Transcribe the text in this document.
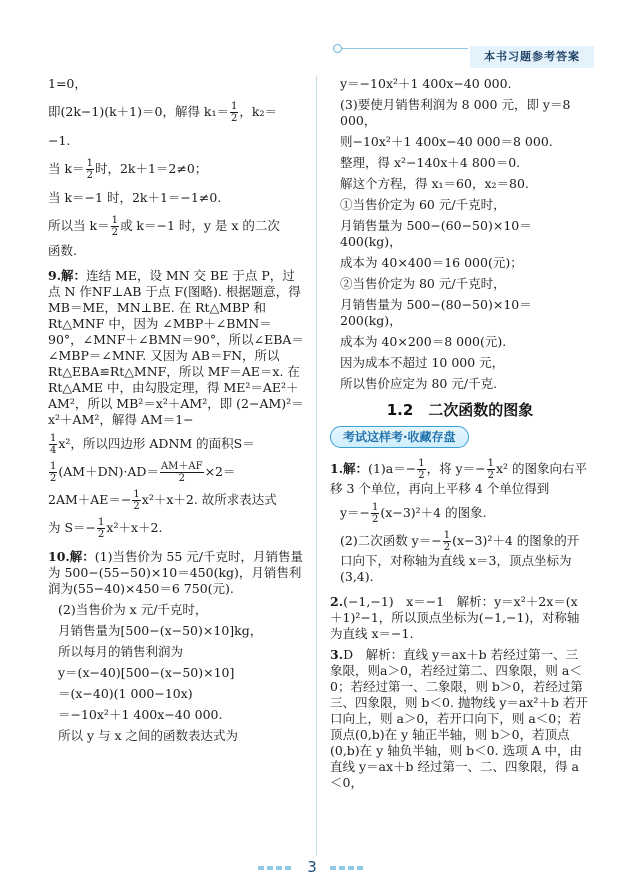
本书习题参考答案

1=0，

即(2k−1)(k＋1)＝0，解得 $k_1= \frac{1}{2}$ ，k₂＝

−1.

当 $k= \frac{1}{2}$ 时，2k＋1＝2≠0；

当 k＝−1 时，2k＋1＝−1≠0.

所以当 $k= \frac{1}{2}$ 或 k＝−1 时，y 是 x 的二次

函数.

9.解：连结 ME，设 MN 交 BE 于点 P，过点 N 作NF⊥AB 于点 F(图略). 根据题意，得 MB＝ME，MN⊥BE. 在 Rt△MBP 和 Rt△MNF 中，因为 ∠MBP＋∠BMN＝90°，∠MNF＋∠BMN＝90°，所以∠EBA＝∠MBP＝∠MNF. 又因为 AB＝FN，所以 Rt△EBA≌Rt△MNF，所以 MF＝AE＝x. 在Rt△AME 中，由勾股定理，得 ME²＝AE²＋AM²，所以 MB²＝x²＋AM²，即 (2−AM)²＝x²＋AM²，解得 AM＝1−

$\frac{1}{4} x^2$，所以四边形 ADNM 的面积S＝

$\frac{1}{2} (AM+DN)\cdot AD= \frac{AM+AF}{2} \times 2=$

$2AM+AE=- \frac{1}{2} x^2+x+2$. 故所求表达式

为 $S=- \frac{1}{2} x^2+x+2$.

10.解：(1)当售价为 55 元/千克时，月销售量为 500−(55−50)×10＝450(kg)，月销售利润为(55−40)×450＝6 750(元).

(2)当售价为 x 元/千克时，

月销售量为[500−(x−50)×10]kg，

所以每月的销售利润为

y＝(x−40)[500−(x−50)×10]

＝(x−40)(1 000−10x)

＝−10x²＋1 400x−40 000.

所以 y 与 x 之间的函数表达式为

y＝−10x²＋1 400x−40 000.

(3)要使月销售利润为 8 000 元，即 y＝8 000，

则−10x²＋1 400x−40 000＝8 000.

整理，得 x²−140x＋4 800＝0.

解这个方程，得 x₁＝60，x₂＝80.

①当售价定为 60 元/千克时，

月销售量为 500−(60−50)×10＝400(kg)，

成本为 40×400＝16 000(元)；

②当售价定为 80 元/千克时，

月销售量为 500−(80−50)×10＝200(kg)，

成本为 40×200＝8 000(元).

因为成本不超过 10 000 元，

所以售价应定为 80 元/千克.

1.2　二次函数的图象
考试这样考·收藏存盘

1.解：$(1)a=- \frac{1}{2}$ ，将 $y=- \frac{1}{2} x^2$ 的图象向右平移 3 个单位，再向上平移 4 个单位得到

$y=- \frac{1}{2} (x-3)^2+4$ 的图象.

(2)二次函数 $y=- \frac{1}{2} (x-3)^2+4$ 的图象的开口向下，对称轴为直线 x＝3，顶点坐标为(3,4).

2.(−1,−1)　x＝−1　解析：y＝x²＋2x＝(x＋1)²−1，所以顶点坐标为(−1,−1)，对称轴为直线 x＝−1.

3.D　解析：直线 y＝ax＋b 若经过第一、三象限，则a＞0，若经过第二、四象限，则 a＜0；若经过第一、二象限，则 b＞0，若经过第三、四象限，则 b＜0. 抛物线 y＝ax²＋b 若开口向上，则 a＞0，若开口向下，则 a＜0；若顶点(0,b)在 y 轴正半轴，则 b＞0，若顶点(0,b)在 y 轴负半轴，则 b＜0. 选项 A 中，由直线 y＝ax＋b 经过第一、二、四象限，得 a＜0，

3
